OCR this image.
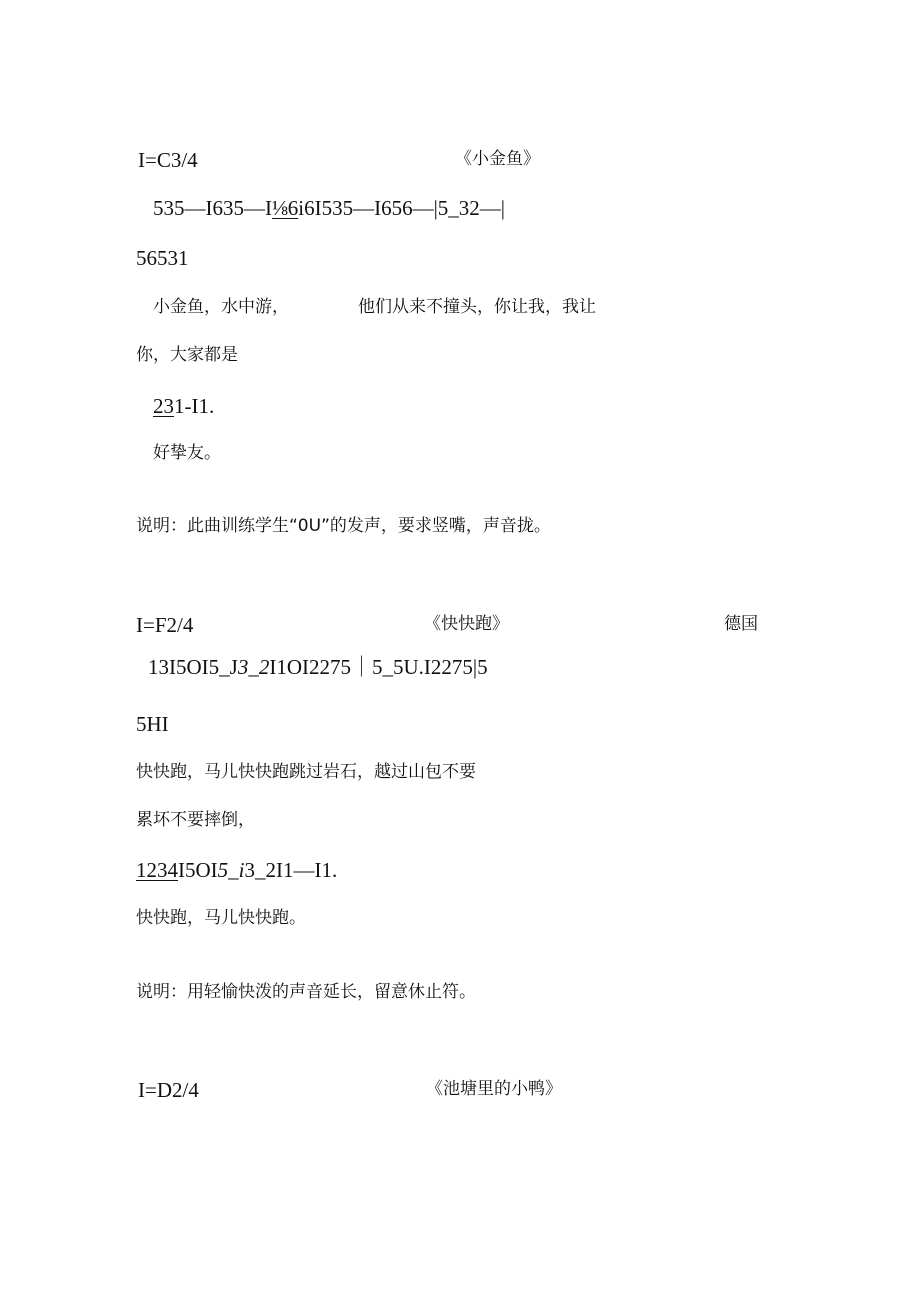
I=C3/4	《小金鱼》
535—I635—I⅛6i6I535—I656—|5_32—|
56531
小金鱼，水中游，	他们从来不撞头，你让我，我让
你，大家都是
231-I1.
好挚友。
说明：此曲训练学生“0U”的发声，要求竖嘴，声音拢。
I=F2/4	《快快跑》	德国
13I5OI5_J3_2I1OI2275｜5_5U.I2275|5
5HI
快快跑，马儿快快跑跳过岩石，越过山包不要
累坏不要摔倒，
1234I5OI5_i3_2I1—I1.
快快跑，马儿快快跑。
说明：用轻愉快泼的声音延长，留意休止符。
I=D2/4	《池塘里的小鸭》
